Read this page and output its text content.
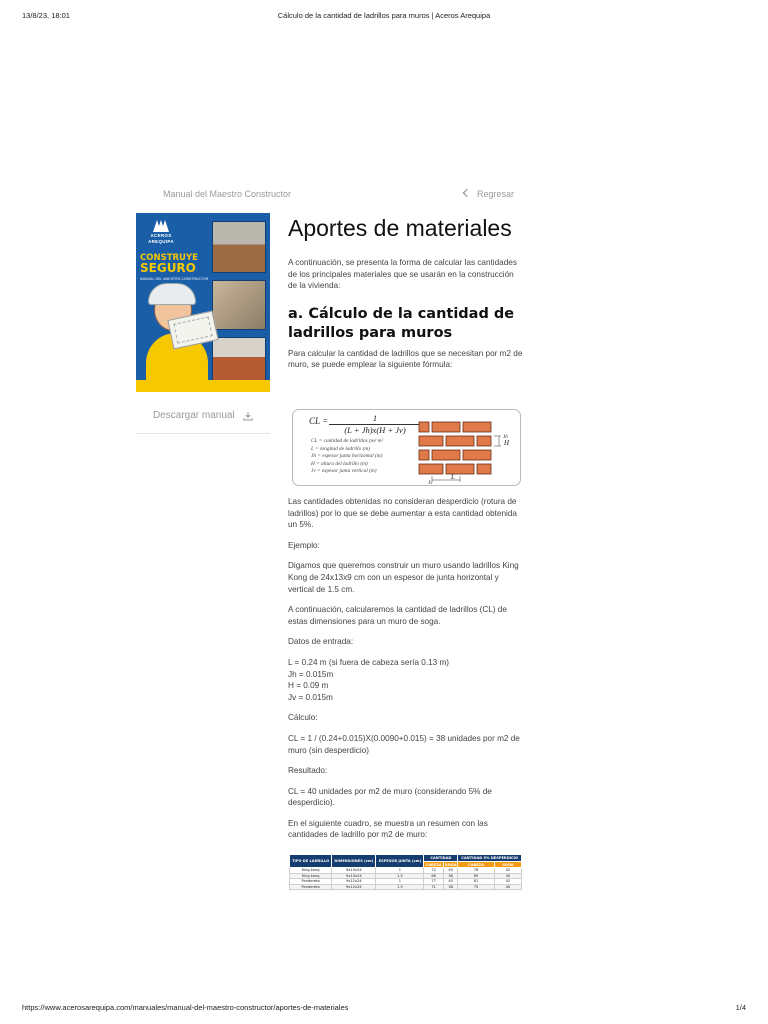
13/8/23, 18:01	Cálculo de la cantidad de ladrillos para muros | Aceros Arequipa
Manual del Maestro Constructor	Regresar
ACEROS
AREQUIPA
CONSTRUYE
SEGURO
MANUAL DEL MAESTRO CONSTRUCTOR
Descargar manual
Aportes de materiales

A continuación, se presenta la forma de calcular las cantidades de los principales materiales que se usarán en la construcción de la vivienda:

a. Cálculo de la cantidad de ladrillos para muros

Para calcular la cantidad de ladrillos que se necesitan por m2 de muro, se puede emplear la siguiente fórmula:

CL = $\frac{1}{(L + Jh)x(H + Jv)}$
CL = cantidad de ladrillos por m²
L = longitud de ladrillo (m)
Jh = espesor junta horizontal (m)
H = altura del ladrillo (m)
Jv = espesor junta vertical (m)
Jh
H
Jv
L

Las cantidades obtenidas no consideran desperdicio (rotura de ladrillos) por lo que se debe aumentar a esta cantidad obtenida un 5%.

Ejemplo:

Digamos que queremos construir un muro usando ladrillos King Kong de 24x13x9 cm con un espesor de junta horizontal y vertical de 1.5 cm.

A continuación, calcularemos la cantidad de ladrillos (CL) de estas dimensiones para un muro de soga.

Datos de entrada:

L = 0.24 m (si fuera de cabeza sería 0.13 m)

Jh = 0.015m

H = 0.09 m

Jv = 0.015m

Cálculo:

CL = 1 / (0.24+0.015)X(0.0090+0.015) = 38 unidades por m2 de muro (sin desperdicio)

Resultado:

CL = 40 unidades por m2 de muro (considerando 5% de desperdicio).

En el siguiente cuadro, se muestra un resumen con las cantidades de ladrillo por m2 de muro:

TIPO DE LADRILLO	DIMENSIONES (cm)	ESPESOR JUNTA (cm)	CANTIDAD		CANTIDAD 5% DESPERDICIO	
			CABEZA	SOGA	CABEZA	SOGA
King kong	9x13x24	1	72	40	76	42
King kong	9x13x24	1.5	66	38	69	40
Pandereta	9x12x24	1	77	40	81	42
Pandereta	9x12x24	1.5	71	38	75	40
https://www.acerosarequipa.com/manuales/manual-del-maestro-constructor/aportes-de-materiales	1/4
